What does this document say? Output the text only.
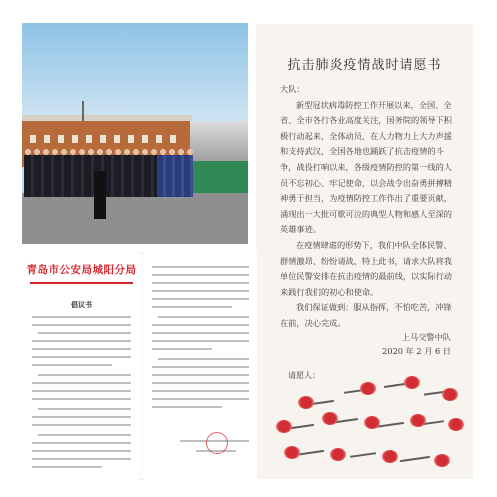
抗击肺炎疫情战时请愿书

大队：

新型冠状病毒防控工作开展以来，全国、全省、全市各行各业高度关注，国务院的领导下积极行动起来，全体动员，在人力物力上大力声援和支持武汉，全国各地也踊跃了抗击疫情的斗争，战役打响以来，各级疫情防控的第一线的人员不忘初心、牢记使命，以会战令出奋勇拼搏精神勇于担当，为疫情防控工作作出了重要贡献，涌现出一大批可歌可泣的典型人物和感人至深的英雄事迹。

在疫情肆虐的形势下，我们中队全体民警、群情激昂、纷纷请战，特上此书，请求大队将我单位民警安排在抗击疫情的最前线，以实际行动来践行我们的初心和使命。

我们保证做到：服从指挥，不怕吃苦，冲锋在前，决心完成。

上马交警中队
2020 年 2 月 6 日
请愿人：
青岛市公安局城阳分局
倡议书
